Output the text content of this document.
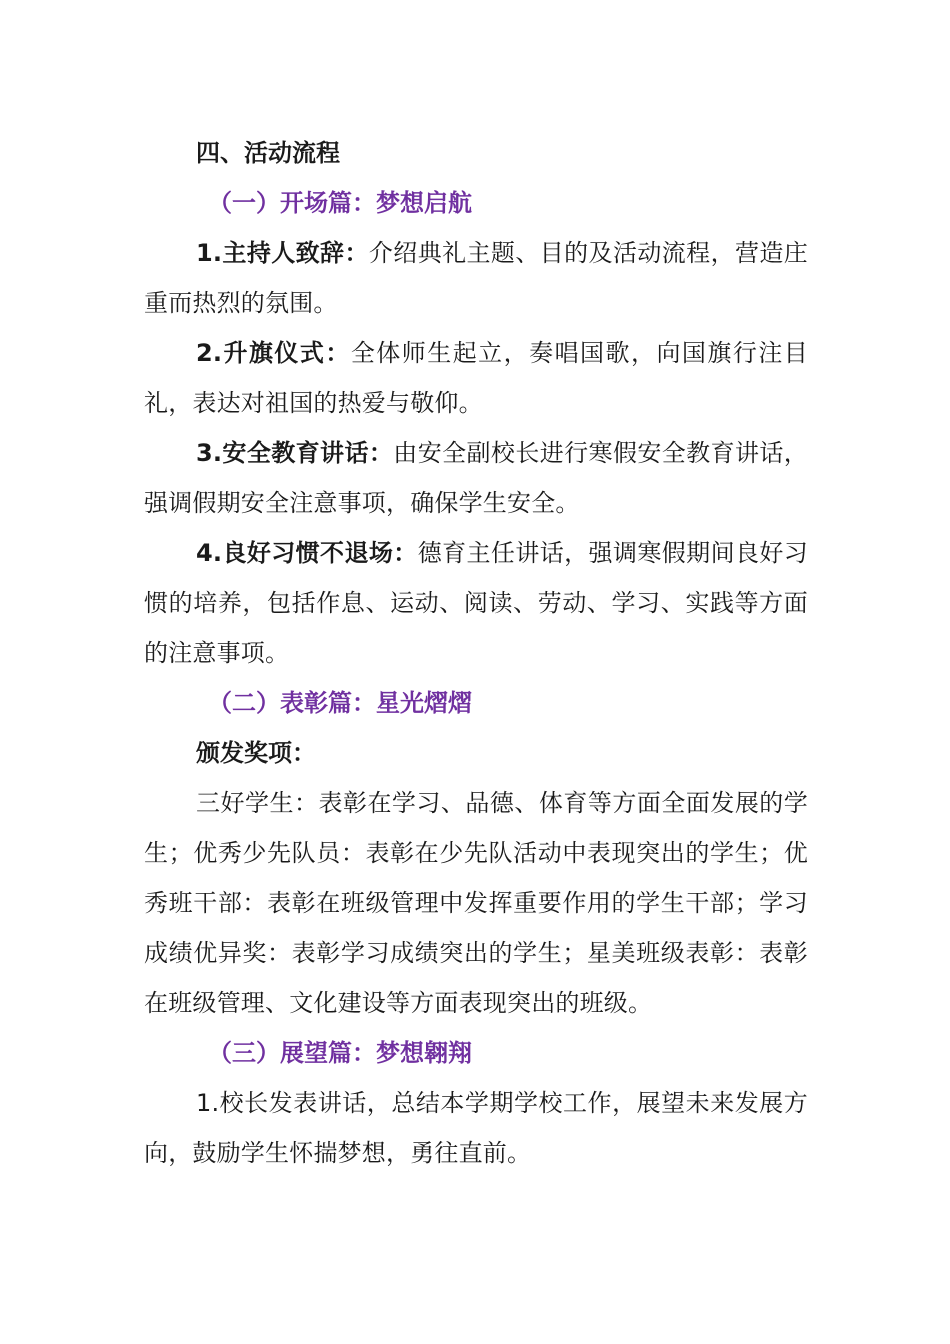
四、活动流程

（一）开场篇：梦想启航

1.主持人致辞：介绍典礼主题、目的及活动流程，营造庄重而热烈的氛围。

2.升旗仪式：全体师生起立，奏唱国歌，向国旗行注目礼，表达对祖国的热爱与敬仰。

3.安全教育讲话：由安全副校长进行寒假安全教育讲话，强调假期安全注意事项，确保学生安全。

4.良好习惯不退场：德育主任讲话，强调寒假期间良好习惯的培养，包括作息、运动、阅读、劳动、学习、实践等方面的注意事项。

（二）表彰篇：星光熠熠

颁发奖项：

三好学生：表彰在学习、品德、体育等方面全面发展的学生；优秀少先队员：表彰在少先队活动中表现突出的学生；优秀班干部：表彰在班级管理中发挥重要作用的学生干部；学习成绩优异奖：表彰学习成绩突出的学生；星美班级表彰：表彰在班级管理、文化建设等方面表现突出的班级。

（三）展望篇：梦想翱翔

1.校长发表讲话，总结本学期学校工作，展望未来发展方向，鼓励学生怀揣梦想，勇往直前。
